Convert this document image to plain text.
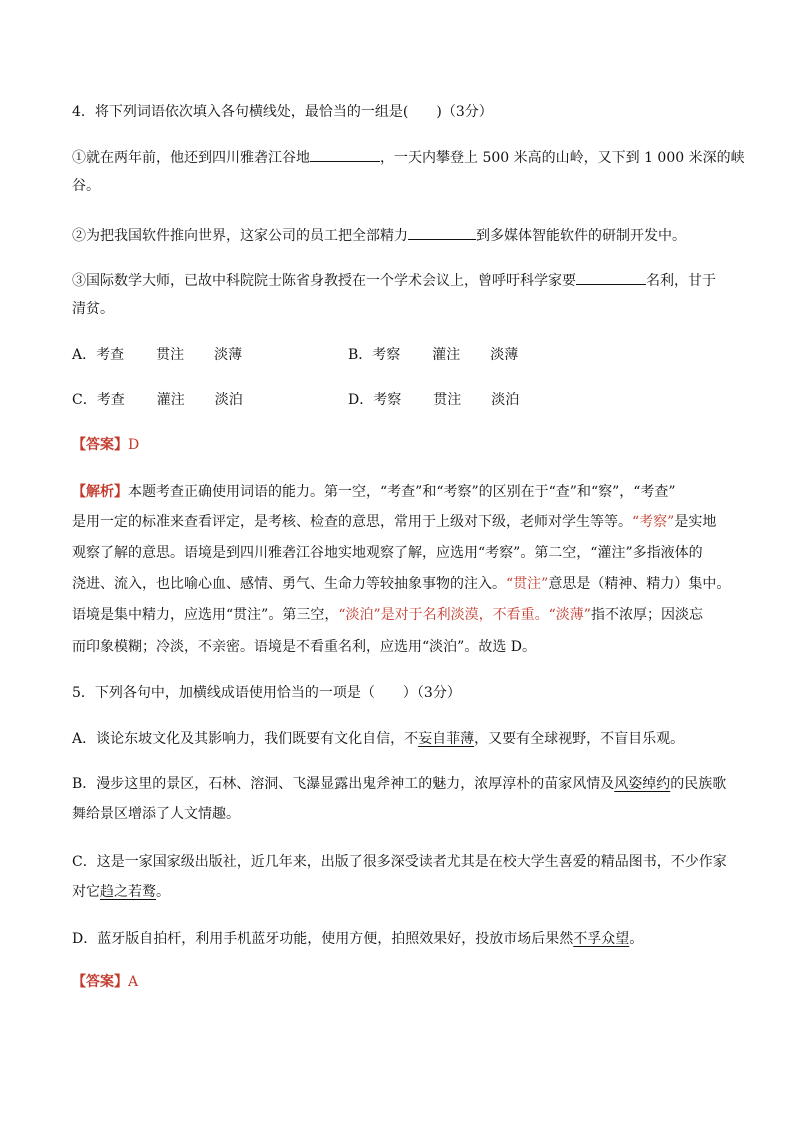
4．将下列词语依次填入各句横线处，最恰当的一组是(　　)（3分）
①就在两年前，他还到四川雅砻江谷地	，一天内攀登上 500 米高的山岭，又下到 1 000 米深的峡
谷。
②为把我国软件推向世界，这家公司的员工把全部精力	到多媒体智能软件的研制开发中。
③国际数学大师，已故中科院院士陈省身教授在一个学术会议上，曾呼吁科学家要	名利，甘于
清贫。
A．考查 贯注 淡薄	B．考察 灌注 淡薄
C．考查 灌注 淡泊	D．考察 贯注 淡泊
【答案】D
【解析】本题考查正确使用词语的能力。第一空，“考查”和“考察”的区别在于“查”和“察”，“考查”
是用一定的标准来查看评定，是考核、检查的意思，常用于上级对下级，老师对学生等等。“考察”是实地
观察了解的意思。语境是到四川雅砻江谷地实地观察了解，应选用“考察”。第二空，“灌注”多指液体的
浇进、流入，也比喻心血、感情、勇气、生命力等较抽象事物的注入。“贯注”意思是（精神、精力）集中。
语境是集中精力，应选用“贯注”。第三空，“淡泊”是对于名利淡漠，不看重。“淡薄”指不浓厚；因淡忘
而印象模糊；冷淡，不亲密。语境是不看重名利，应选用“淡泊”。故选 D。
5．下列各句中，加横线成语使用恰当的一项是（　　）（3分）
A．谈论东坡文化及其影响力，我们既要有文化自信，不妄自菲薄，又要有全球视野，不盲目乐观。
B．漫步这里的景区，石林、溶洞、飞瀑显露出鬼斧神工的魅力，浓厚淳朴的苗家风情及风姿绰约的民族歌
舞给景区增添了人文情趣。
C．这是一家国家级出版社，近几年来，出版了很多深受读者尤其是在校大学生喜爱的精品图书，不少作家
对它趋之若鹜。
D．蓝牙版自拍杆，利用手机蓝牙功能，使用方便，拍照效果好，投放市场后果然不孚众望。
【答案】A
